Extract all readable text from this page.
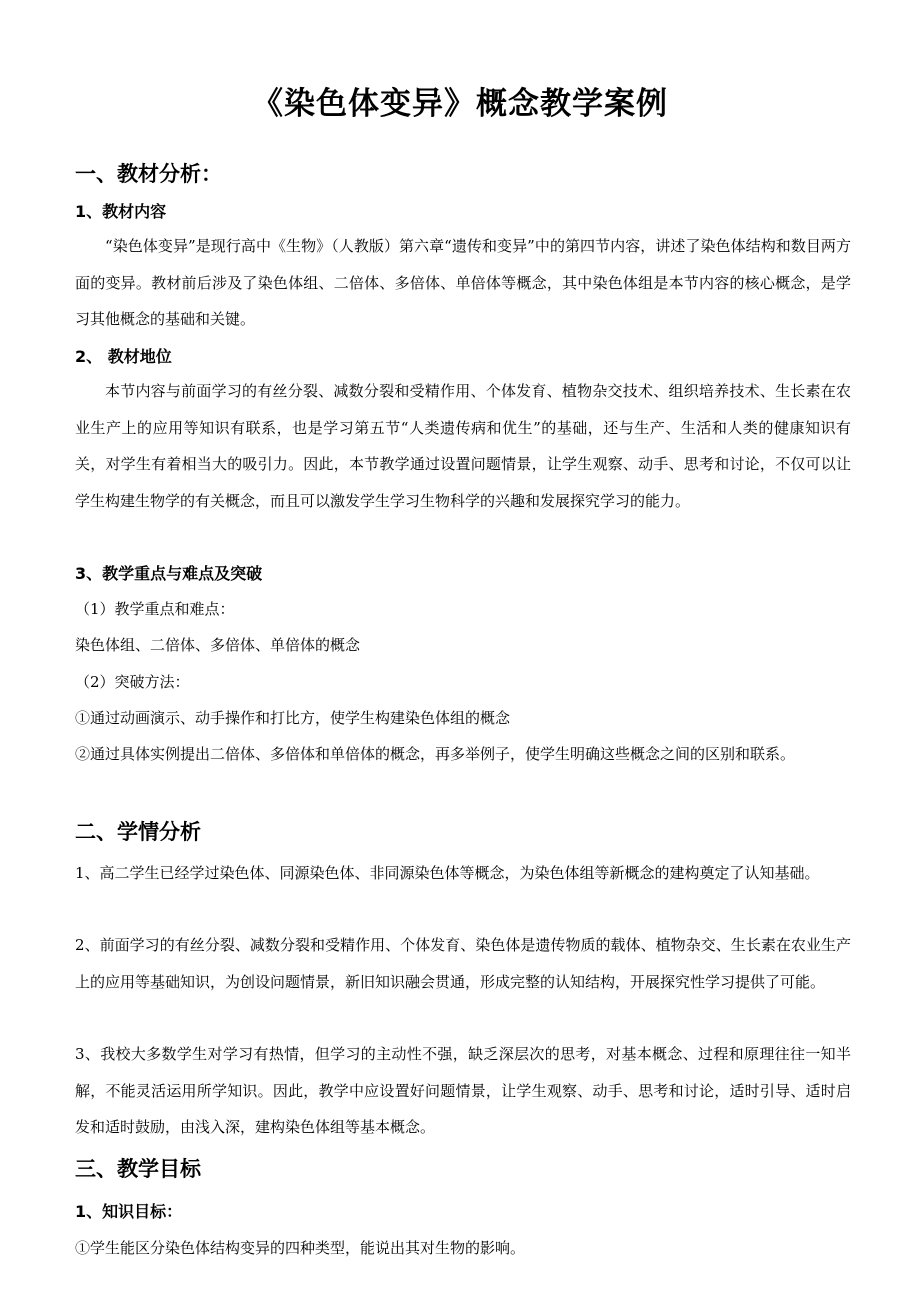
《染色体变异》概念教学案例
一、教材分析：
1、教材内容

“染色体变异”是现行高中《生物》（人教版）第六章“遗传和变异”中的第四节内容，讲述了染色体结构和数目两方面的变异。教材前后涉及了染色体组、二倍体、多倍体、单倍体等概念，其中染色体组是本节内容的核心概念，是学习其他概念的基础和关键。

2、 教材地位

本节内容与前面学习的有丝分裂、减数分裂和受精作用、个体发育、植物杂交技术、组织培养技术、生长素在农业生产上的应用等知识有联系，也是学习第五节“人类遗传病和优生”的基础，还与生产、生活和人类的健康知识有关，对学生有着相当大的吸引力。因此，本节教学通过设置问题情景，让学生观察、动手、思考和讨论，不仅可以让学生构建生物学的有关概念，而且可以激发学生学习生物科学的兴趣和发展探究学习的能力。

3、教学重点与难点及突破

（1）教学重点和难点：

染色体组、二倍体、多倍体、单倍体的概念

（2）突破方法：

①通过动画演示、动手操作和打比方，使学生构建染色体组的概念

②通过具体实例提出二倍体、多倍体和单倍体的概念，再多举例子，使学生明确这些概念之间的区别和联系。

二、学情分析

1、高二学生已经学过染色体、同源染色体、非同源染色体等概念，为染色体组等新概念的建构奠定了认知基础。

2、前面学习的有丝分裂、减数分裂和受精作用、个体发育、染色体是遗传物质的载体、植物杂交、生长素在农业生产上的应用等基础知识，为创设问题情景，新旧知识融会贯通，形成完整的认知结构，开展探究性学习提供了可能。

3、我校大多数学生对学习有热情，但学习的主动性不强，缺乏深层次的思考，对基本概念、过程和原理往往一知半解，不能灵活运用所学知识。因此，教学中应设置好问题情景，让学生观察、动手、思考和讨论，适时引导、适时启发和适时鼓励，由浅入深，建构染色体组等基本概念。

三、教学目标
1、知识目标：

①学生能区分染色体结构变异的四种类型，能说出其对生物的影响。
